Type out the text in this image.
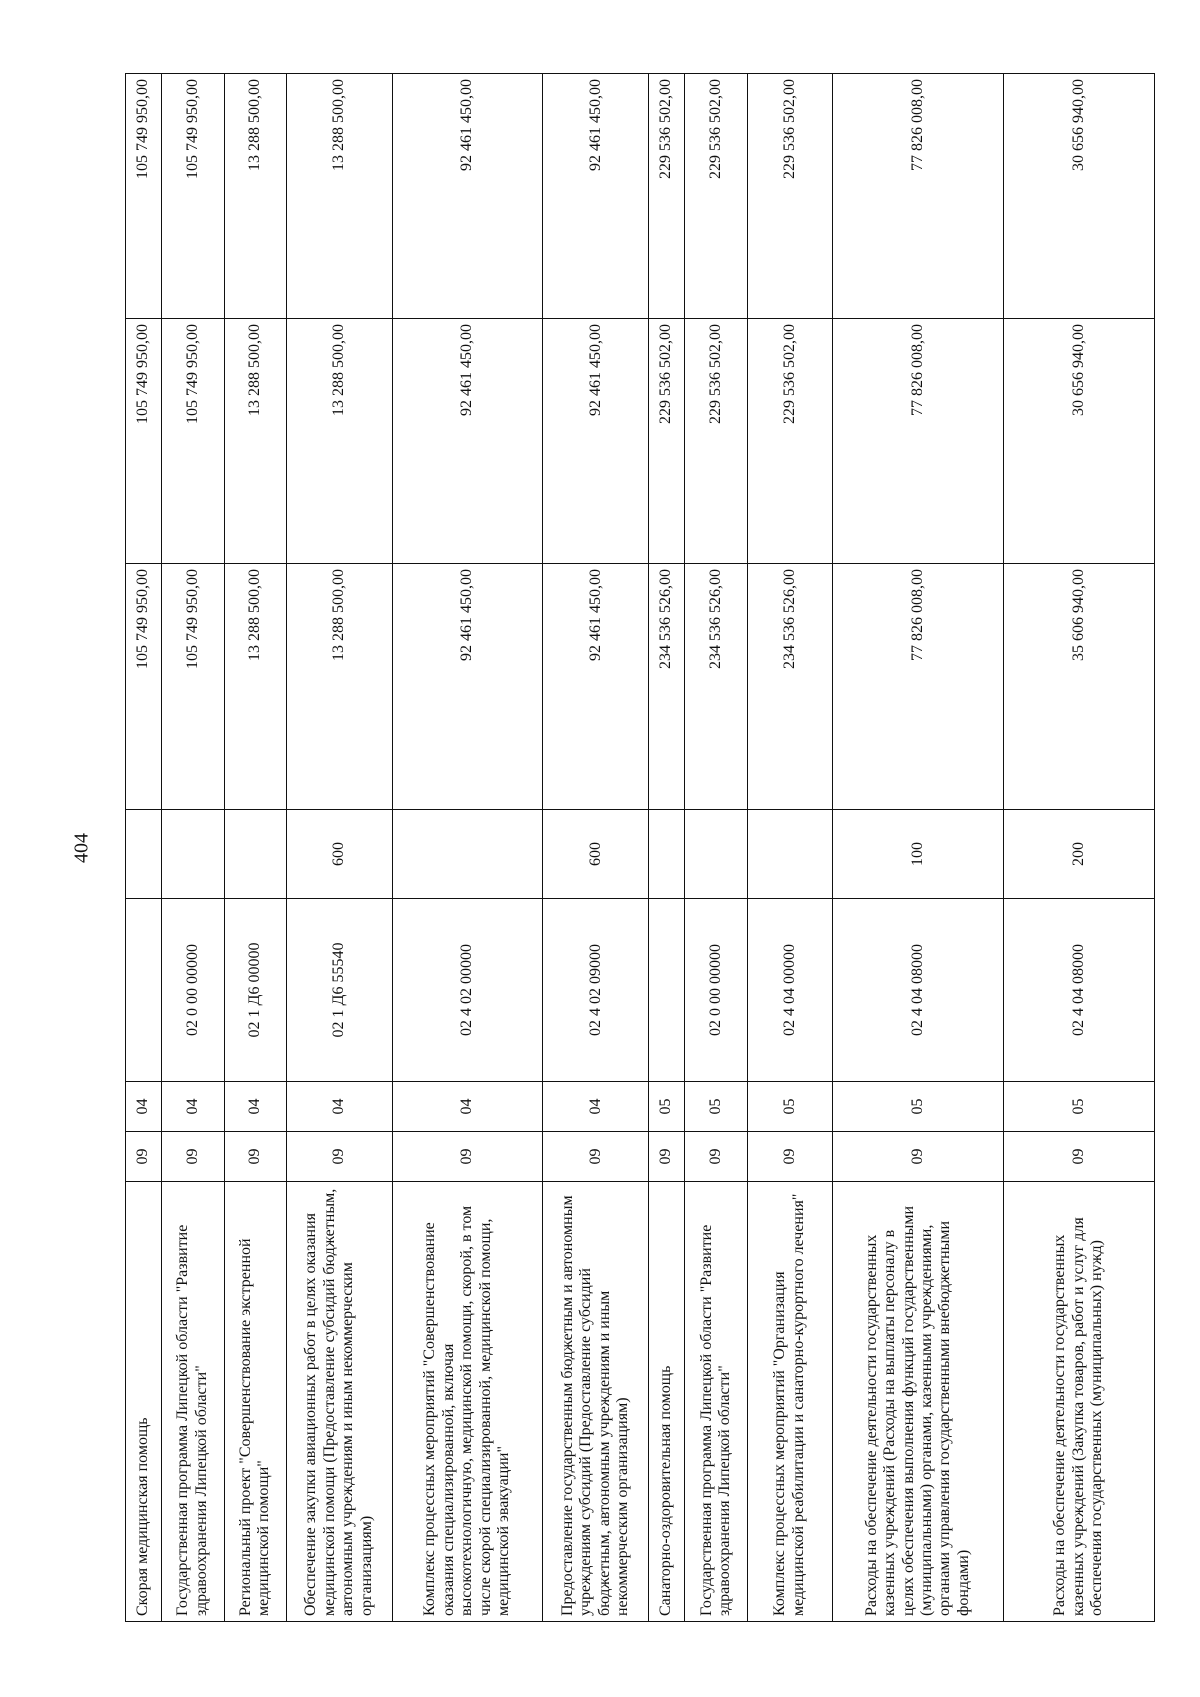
404
Скорая медицинская помощь	09	04			105 749 950,00	105 749 950,00	105 749 950,00
Государственная программа Липецкой области "Развитие здравоохранения Липецкой области"	09	04	02 0 00 00000		105 749 950,00	105 749 950,00	105 749 950,00
Региональный проект "Совершенствование экстренной медицинской помощи"	09	04	02 1 Д6 00000		13 288 500,00	13 288 500,00	13 288 500,00
Обеспечение закупки авиационных работ в целях оказания медицинской помощи (Предоставление субсидий бюджетным, автономным учреждениям и иным некоммерческим организациям)	09	04	02 1 Д6 55540	600	13 288 500,00	13 288 500,00	13 288 500,00
Комплекс процессных мероприятий "Совершенствование оказания специализированной, включая высокотехнологичную, медицинской помощи, скорой, в том числе скорой специализированной, медицинской помощи, медицинской эвакуации"	09	04	02 4 02 00000		92 461 450,00	92 461 450,00	92 461 450,00
Предоставление государственным бюджетным и автономным учреждениям субсидий (Предоставление субсидий бюджетным, автономным учреждениям и иным некоммерческим организациям)	09	04	02 4 02 09000	600	92 461 450,00	92 461 450,00	92 461 450,00
Санаторно-оздоровительная помощь	09	05			234 536 526,00	229 536 502,00	229 536 502,00
Государственная программа Липецкой области "Развитие здравоохранения Липецкой области"	09	05	02 0 00 00000		234 536 526,00	229 536 502,00	229 536 502,00
Комплекс процессных мероприятий "Организация медицинской реабилитации и санаторно-курортного лечения"	09	05	02 4 04 00000		234 536 526,00	229 536 502,00	229 536 502,00
Расходы на обеспечение деятельности государственных казенных учреждений (Расходы на выплаты персоналу в целях обеспечения выполнения функций государственными (муниципальными) органами, казенными учреждениями, органами управления государственными внебюджетными фондами)	09	05	02 4 04 08000	100	77 826 008,00	77 826 008,00	77 826 008,00
Расходы на обеспечение деятельности государственных казенных учреждений (Закупка товаров, работ и услуг для обеспечения государственных (муниципальных) нужд)	09	05	02 4 04 08000	200	35 606 940,00	30 656 940,00	30 656 940,00
